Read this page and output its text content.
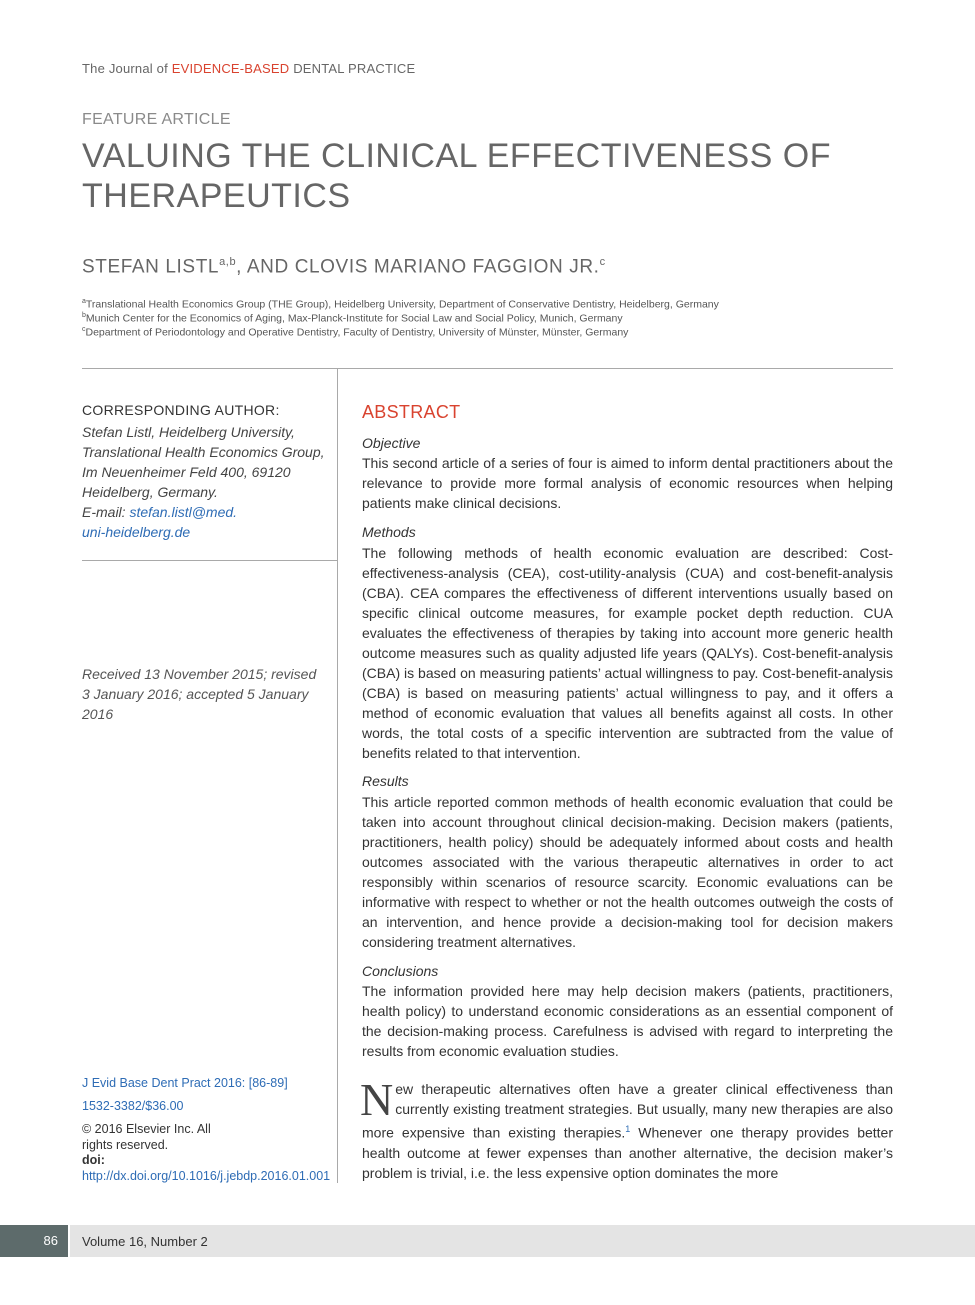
The Journal of EVIDENCE-BASED DENTAL PRACTICE
FEATURE ARTICLE
VALUING THE CLINICAL EFFECTIVENESS OF THERAPEUTICS
STEFAN LISTL$^{a,b}$, AND CLOVIS MARIANO FAGGION JR.$^c$
$^a$Translational Health Economics Group (THE Group), Heidelberg University, Department of Conservative Dentistry, Heidelberg, Germany
$^b$Munich Center for the Economics of Aging, Max-Planck-Institute for Social Law and Social Policy, Munich, Germany
$^c$Department of Periodontology and Operative Dentistry, Faculty of Dentistry, University of Münster, Münster, Germany
CORRESPONDING AUTHOR:
Stefan Listl, Heidelberg University, Translational Health Economics Group, Im Neuenheimer Feld 400, 69120 Heidelberg, Germany.
E-mail: stefan.listl@med.
uni-heidelberg.de
Received 13 November 2015; revised 3 January 2016; accepted 5 January 2016
J Evid Base Dent Pract 2016: [86-89]
1532-3382/$36.00
© 2016 Elsevier Inc. All rights reserved.
doi: http://dx.doi.org/10.1016/j.jebdp.2016.01.001
ABSTRACT
Objective

This second article of a series of four is aimed to inform dental practitioners about the relevance to provide more formal analysis of economic resources when helping patients make clinical decisions.

Methods

The following methods of health economic evaluation are described: Cost-effectiveness-analysis (CEA), cost-utility-analysis (CUA) and cost-benefit-analysis (CBA). CEA compares the effectiveness of different interventions usually based on specific clinical outcome measures, for example pocket depth reduction. CUA evaluates the effectiveness of therapies by taking into account more generic health outcome measures such as quality adjusted life years (QALYs). Cost-benefit-analysis (CBA) is based on measuring patients’ actual willingness to pay. Cost-benefit-analysis (CBA) is based on measuring patients’ actual willingness to pay, and it offers a method of economic evaluation that values all benefits against all costs. In other words, the total costs of a specific intervention are subtracted from the value of benefits related to that intervention.

Results

This article reported common methods of health economic evaluation that could be taken into account throughout clinical decision-making. Decision makers (patients, practitioners, health policy) should be adequately informed about costs and health outcomes associated with the various therapeutic alternatives in order to act responsibly within scenarios of resource scarcity. Economic evaluations can be informative with respect to whether or not the health outcomes outweigh the costs of an intervention, and hence provide a decision-making tool for decision makers considering treatment alternatives.

Conclusions

The information provided here may help decision makers (patients, practitioners, health policy) to understand economic considerations as an essential component of the decision-making process. Carefulness is advised with regard to interpreting the results from economic evaluation studies.

New therapeutic alternatives often have a greater clinical effectiveness than currently existing treatment strategies. But usually, many new therapies are also more expensive than existing therapies.$^1$ Whenever one therapy provides better health outcome at fewer expenses than another alternative, the decision maker’s problem is trivial, i.e. the less expensive option dominates the more

86 Volume 16, Number 2
